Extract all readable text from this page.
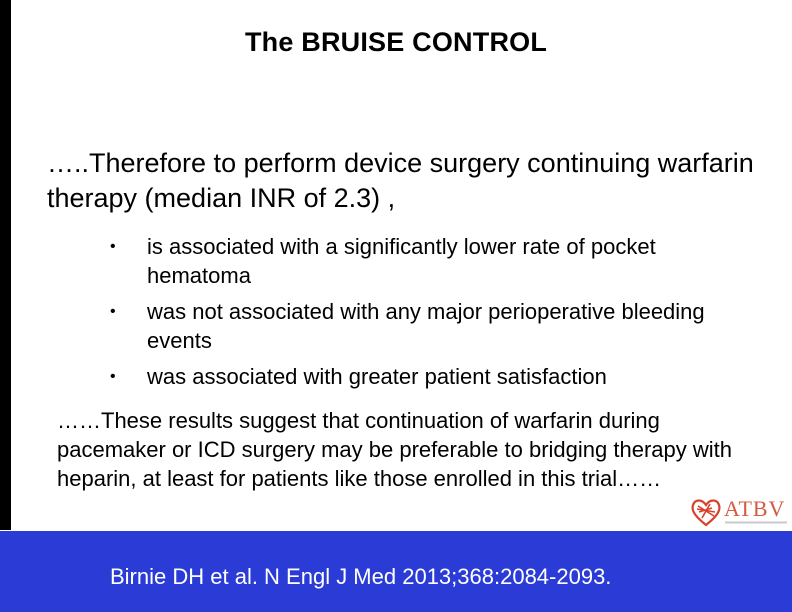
The BRUISE CONTROL
…..Therefore to perform device surgery continuing warfarin therapy (median INR of 2.3) ,
• is associated with a significantly lower rate of pocket hematoma
• was not associated with any major perioperative bleeding events
• was associated with greater patient satisfaction
……These results suggest that continuation of warfarin during pacemaker or ICD surgery may be preferable to bridging therapy with heparin, at least for patients like those enrolled in this trial……
ATBV
Birnie DH et al. N Engl J Med 2013;368:2084-2093.
